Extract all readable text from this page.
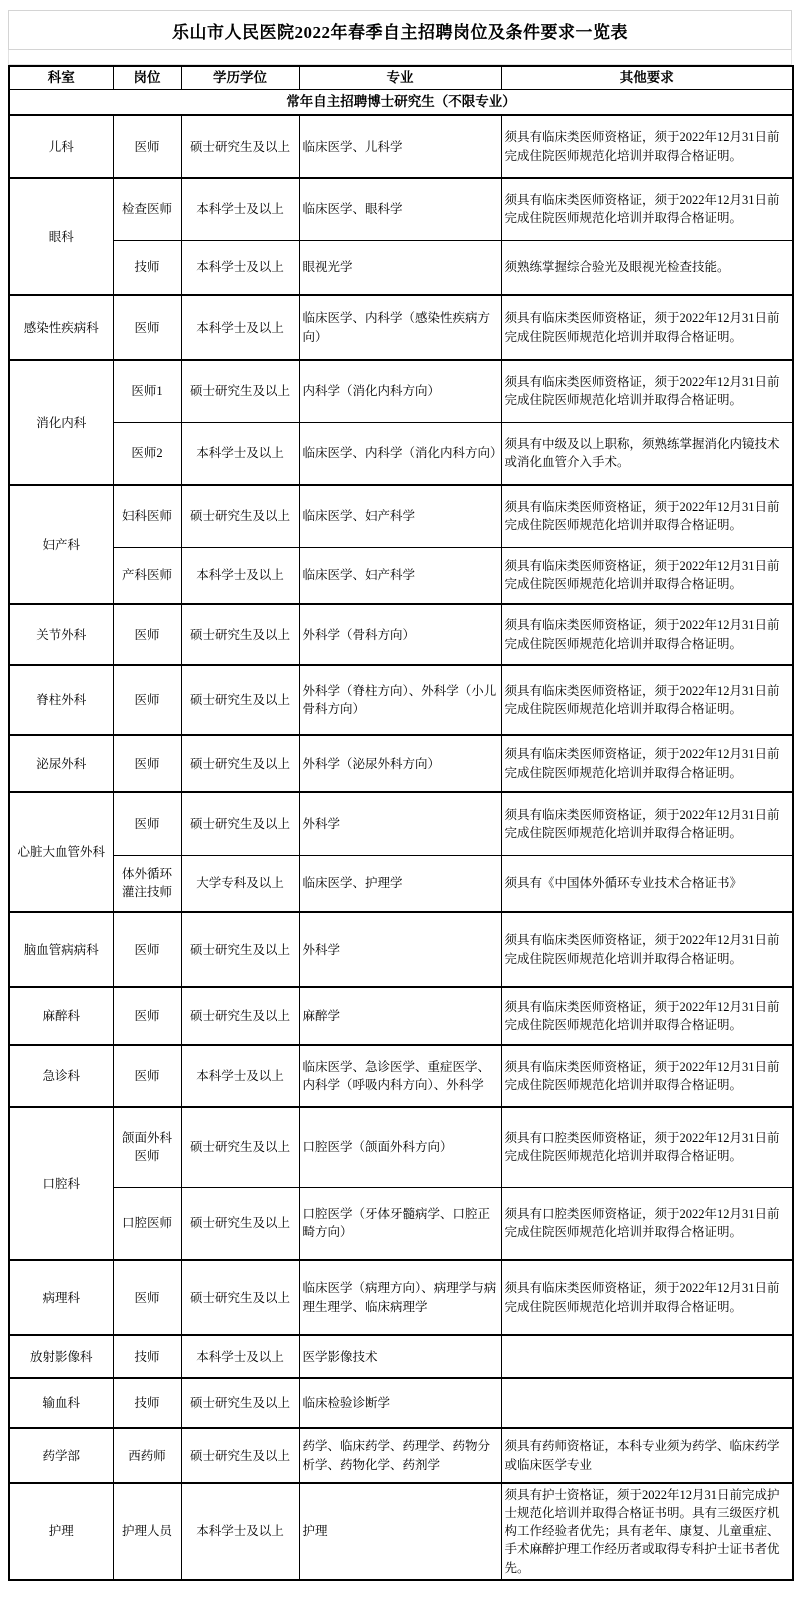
乐山市人民医院2022年春季自主招聘岗位及条件要求一览表
科室	岗位	学历学位	专业	其他要求
常年自主招聘博士研究生（不限专业）				
儿科	医师	硕士研究生及以上	临床医学、儿科学	须具有临床类医师资格证，须于2022年12月31日前完成住院医师规范化培训并取得合格证明。
眼科	检查医师	本科学士及以上	临床医学、眼科学	须具有临床类医师资格证，须于2022年12月31日前完成住院医师规范化培训并取得合格证明。
	技师	本科学士及以上	眼视光学	须熟练掌握综合验光及眼视光检查技能。
感染性疾病科	医师	本科学士及以上	临床医学、内科学（感染性疾病方向）	须具有临床类医师资格证，须于2022年12月31日前完成住院医师规范化培训并取得合格证明。
消化内科	医师1	硕士研究生及以上	内科学（消化内科方向）	须具有临床类医师资格证，须于2022年12月31日前完成住院医师规范化培训并取得合格证明。
	医师2	本科学士及以上	临床医学、内科学（消化内科方向）	须具有中级及以上职称，须熟练掌握消化内镜技术或消化血管介入手术。
妇产科	妇科医师	硕士研究生及以上	临床医学、妇产科学	须具有临床类医师资格证，须于2022年12月31日前完成住院医师规范化培训并取得合格证明。
	产科医师	本科学士及以上	临床医学、妇产科学	须具有临床类医师资格证，须于2022年12月31日前完成住院医师规范化培训并取得合格证明。
关节外科	医师	硕士研究生及以上	外科学（骨科方向）	须具有临床类医师资格证，须于2022年12月31日前完成住院医师规范化培训并取得合格证明。
脊柱外科	医师	硕士研究生及以上	外科学（脊柱方向）、外科学（小儿骨科方向）	须具有临床类医师资格证，须于2022年12月31日前完成住院医师规范化培训并取得合格证明。
泌尿外科	医师	硕士研究生及以上	外科学（泌尿外科方向）	须具有临床类医师资格证，须于2022年12月31日前完成住院医师规范化培训并取得合格证明。
心脏大血管外科	医师	硕士研究生及以上	外科学	须具有临床类医师资格证，须于2022年12月31日前完成住院医师规范化培训并取得合格证明。
	体外循环灌注技师	大学专科及以上	临床医学、护理学	须具有《中国体外循环专业技术合格证书》
脑血管病病科	医师	硕士研究生及以上	外科学	须具有临床类医师资格证，须于2022年12月31日前完成住院医师规范化培训并取得合格证明。
麻醉科	医师	硕士研究生及以上	麻醉学	须具有临床类医师资格证，须于2022年12月31日前完成住院医师规范化培训并取得合格证明。
急诊科	医师	本科学士及以上	临床医学、急诊医学、重症医学、内科学（呼吸内科方向）、外科学	须具有临床类医师资格证，须于2022年12月31日前完成住院医师规范化培训并取得合格证明。
口腔科	颌面外科医师	硕士研究生及以上	口腔医学（颌面外科方向）	须具有口腔类医师资格证，须于2022年12月31日前完成住院医师规范化培训并取得合格证明。
	口腔医师	硕士研究生及以上	口腔医学（牙体牙髓病学、口腔正畸方向）	须具有口腔类医师资格证，须于2022年12月31日前完成住院医师规范化培训并取得合格证明。
病理科	医师	硕士研究生及以上	临床医学（病理方向）、病理学与病理生理学、临床病理学	须具有临床类医师资格证，须于2022年12月31日前完成住院医师规范化培训并取得合格证明。
放射影像科	技师	本科学士及以上	医学影像技术	
输血科	技师	硕士研究生及以上	临床检验诊断学	
药学部	西药师	硕士研究生及以上	药学、临床药学、药理学、药物分析学、药物化学、药剂学	须具有药师资格证，本科专业须为药学、临床药学或临床医学专业
护理	护理人员	本科学士及以上	护理	须具有护士资格证，须于2022年12月31日前完成护士规范化培训并取得合格证书明。具有三级医疗机构工作经验者优先；具有老年、康复、儿童重症、手术麻醉护理工作经历者或取得专科护士证书者优先。
